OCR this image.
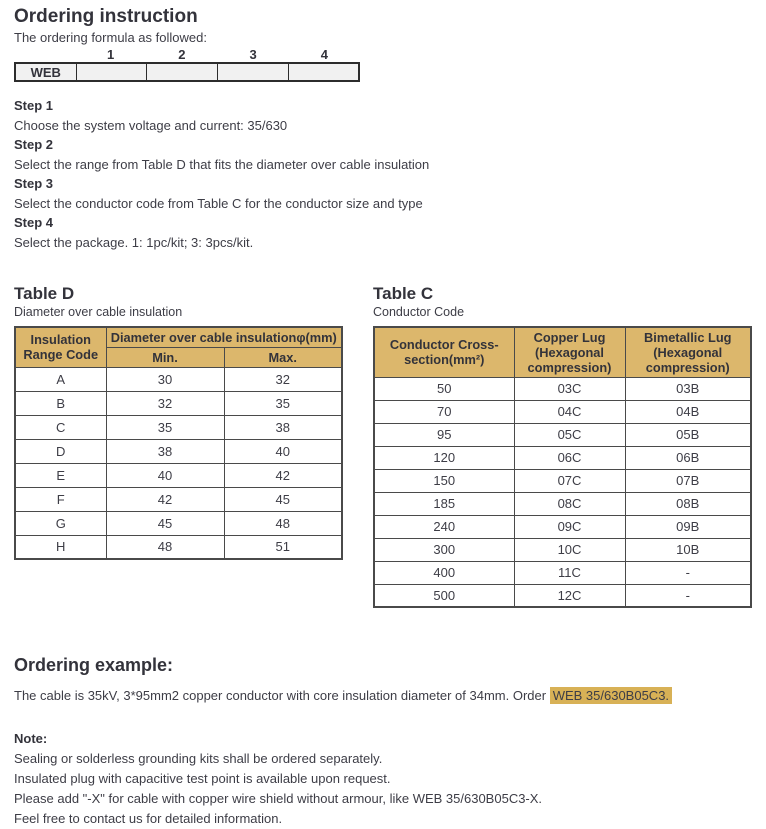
Ordering instruction

The ordering formula as followed:

1	2	3	4
WEB				

Step 1

Choose the system voltage and current: 35/630

Step 2

Select the range from Table D that fits the diameter over cable insulation

Step 3

Select the conductor code from Table C for the conductor size and type

Step 4

Select the package. 1: 1pc/kit; 3: 3pcs/kit.

Table D

Diameter over cable insulation

Insulation Range Code	Diameter over cable insulationφ(mm)	
	Min.	Max.
A	30	32
B	32	35
C	35	38
D	38	40
E	40	42
F	42	45
G	45	48
H	48	51
Table C

Conductor Code

Conductor Cross-section(mm²)	Copper Lug (Hexagonal compression)	Bimetallic Lug (Hexagonal compression)
50	03C	03B
70	04C	04B
95	05C	05B
120	06C	06B
150	07C	07B
185	08C	08B
240	09C	09B
300	10C	10B
400	11C	-
500	12C	-
Ordering example:

The cable is 35kV, 3*95mm2 copper conductor with core insulation diameter of 34mm. Order WEB 35/630B05C3.

Note:

Sealing or solderless grounding kits shall be ordered separately.

Insulated plug with capacitive test point is available upon request.

Please add "-X" for cable with copper wire shield without armour, like WEB 35/630B05C3-X.

Feel free to contact us for detailed information.
